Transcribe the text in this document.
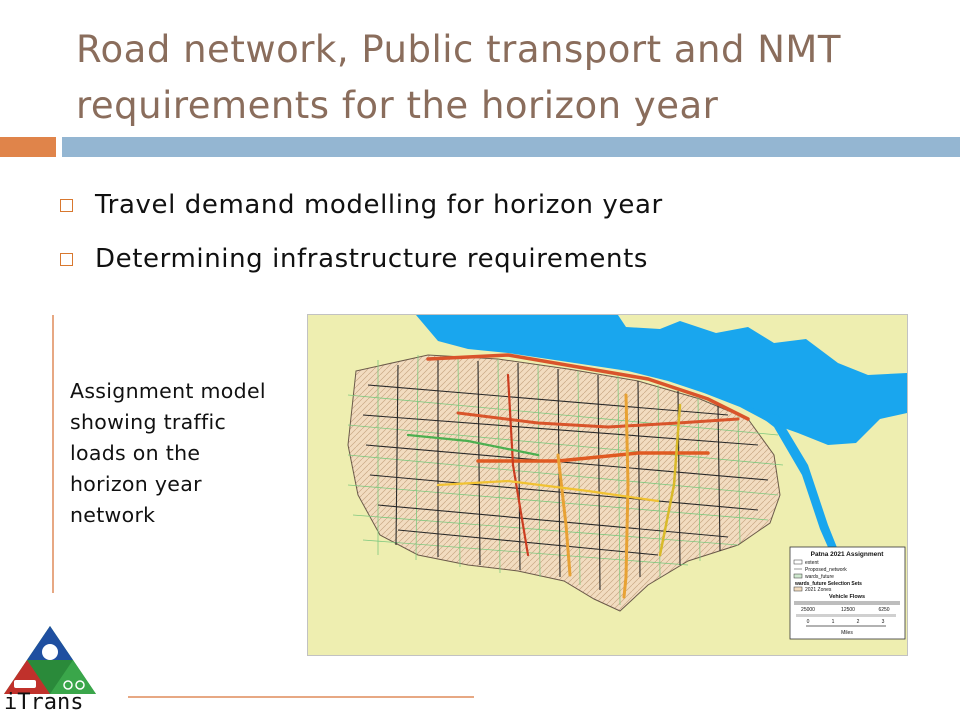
Road network, Public transport and NMT requirements for the horizon year
Travel demand modelling for horizon year
Determining infrastructure requirements
Assignment model showing traffic loads on the horizon year network
Patna 2021 Assignment
extent
Proposed_network
wards_future
wards_future Selection Sets
2021 Zones
Vehicle Flows
25000	12500	6250
0	1	2	3
Miles
iTrans
